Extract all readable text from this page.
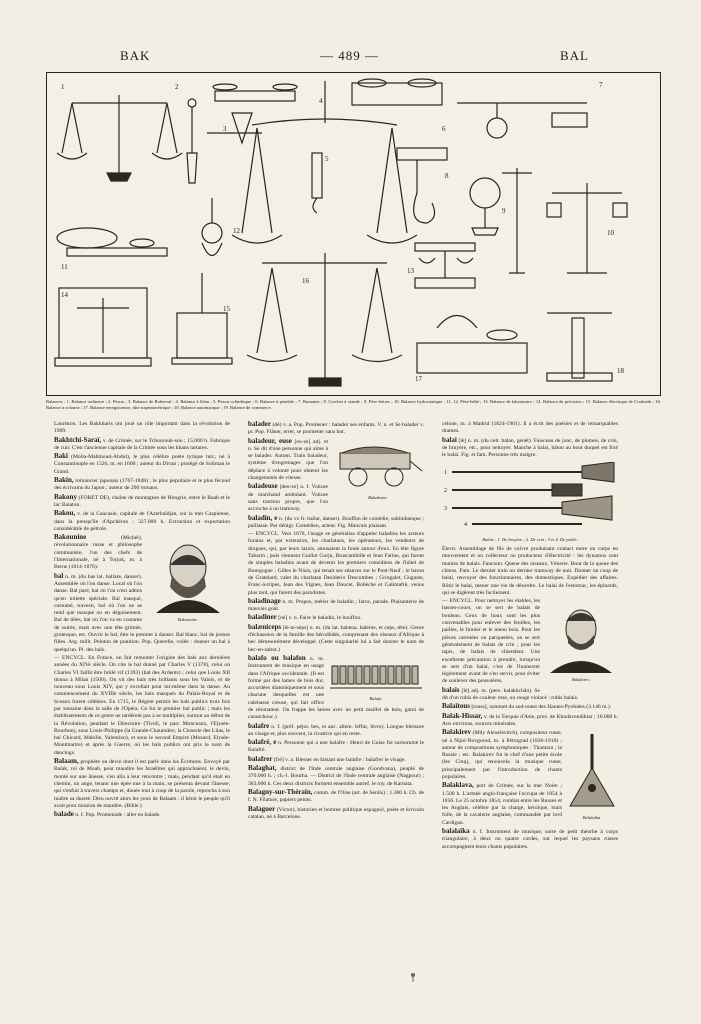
BAK	— 489 —	BAL
1	2
3
4
5
6
7
8
9
10
11
12
13
14
15
16
17
18
Balances : 1. Balance ordinaire ; 2. Peson ; 3. Balance de Roberval ; 4. Balance à fléau ; 5. Peson cylindrique ; 6. Balance à pendule ; 7. Romaine ; 8. Crochet à viande ; 9. Pèse-lettres ; 10. Balance hydrostatique ; 11, 12. Pèse-bébé ; 13. Balance de laboratoire ; 14. Balance de précision ; 15. Balance électrique de Coulomb ; 16. Balance à colonne ; 17. Balance enregistreuse, dite trapézométrique ; 18. Balance automatique ; 19. Balance de commerce.
Lauriston. Les Bakhtiaris ont joué un rôle important dans la révolution de 1909.
Bakhtchi-Saraï, v. de Crimée, sur le Tchourouk-sou ; 15.000 h. Fabrique de cuir. C'est l'ancienne capitale de la Crimée sous les khans tartares.
Baki (Molla-Mahmoud-Abdul), le plus célèbre poète lyrique turc, né à Constantinople en 1526, m. en 1600 ; auteur du Divan ; protégé de Soliman le Grand.
Bakin, romancier japonais (1767-1848) ; le plus populaire et le plus fécond des écrivains du Japon ; auteur de 290 romans.
Bakony (FORET DE), chaîne de montagnes de Hongrie, entre le Raab et le lac Balaton.
Bakou, v. de la Caucasie, capitale de l'Azerbaïdjan, sur la mer Caspienne, dans la presqu'île d'Apchéron ; 327.000 h. Extraction et exportation considérable de pétrole.
Bakounine.
Bakounine	(Michel), révolutionnaire russe et philosophe communiste, l'un des chefs de l'Internationale, né à Torjok, m. à Berne (1814-1876).
bal n. m. (du bas lat. ballare, danser). Assemblée où l'on danse. Local où l'on danse. Bal paré, bal où l'on n'est admis qu'en toilette spéciale. Bal masqué, costumé, travesti, bal où l'on ne se rend que masqué ou en déguisement. Bal de têtes, bal où l'on va en costume de soirée, mais avec une tête grimée, grotesque, etc. Ouvrir le bal, être le premier à danser. Bal blanc, bal de jeunes filles. Arg. milit. Peloton de punition. Pop. Querelle, volée : donner un bal à quelqu'un. Pl. des bals.
— ENCYCL. En France, on fait remonter l'origine des bals aux dernières années du XIVe siècle. On cite le bal donné par Charles V (1378), celui où Charles VI faillit être brûlé vif (1393) (bal des Ardents) ; celui que Louis XII donna à Milan (1500). On vit des bals très brillants sous les Valois, et de nouveau sous Louis XIV, qui y excellait pour lui-même dans la danse. Au commencement du XVIIIe siècle, les bals masqués du Palais-Royal et de Sceaux furent célèbres. En 1715, le Régent permit les bals publics trois fois par semaine dans la salle de l'Opéra. Ce fut le premier bal public ; mais les établissements de ce genre ne tardèrent pas à se multiplier, surtout au début de la Révolution, pendant le Directoire (Tivoli, le parc Monceaux, l'Elysée-Bourbon), sous Louis-Philippe (la Grande-Chaumière, la Closerie des Lilas, le bal Chicard, Mabille, Valentino), et sous le second Empire (Musard, Elysée-Montmartre) et après la Guerre, où les bals publics ont pris le nom de dancings.
Balaam, prophète ou devin dont il est parlé dans les Écritures. Envoyé par Balak, roi de Moab, pour maudire les Israélites qui approchaient, le devin, monté sur une ânesse, s'en alla à leur rencontre ; mais, pendant qu'il était en chemin, un ange, tenant une épée nue à la main, se présenta devant l'ânesse, qui s'enfuit à travers champs et, douée tout à coup de la parole, reprocha à son maître sa dureté. Dieu ouvrit alors les yeux de Balaam : il bénit le peuple qu'il avait pour mission de maudire. (Bible.)
balade n. f. Pop. Promenade : aller en balade.
balader (dé) v. a. Pop. Promener : balader ses enfants. V. n. et Se balader v. pr. Pop. Flâner, errer, se promener sans but.
Baladeuse.
baladeur, euse [eu-ze] adj. et n. Se dit d'une personne qui aime à se balader. Autom. Train baladeur, système d'engrenages que l'on déplace à volonté pour obtenir les changements de vitesse.
baladeuse [deu-ze] n. f. Voiture de marchand ambulant. Voiture sans traction propre, que l'on accroche à un tramway.
baladin, e n. (du vx fr. ballar, danser). Bouffon de comédie, saltimbanque ; paillasse. Par dénigr. Comédien, acteur. Fig. Mauvais plaisant.
— ENCYCL. Vers 1678, l'usage se généralisa d'appeler baladins les acteurs forains et, par extension, les charlatans, les opérateurs, les vendeurs de drogues, qui, par leurs lazzis, amusaient la foule autour d'eux. En tête figure Tabarin ; puis viennent Guillot Gorju, Bruscambille et Jean Farine, qui furent de simples baladins avant de devenir les premiers comédiens de l'hôtel de Bourgogne ; Gilles le Niais, qui tenait ses séances sur le Pont-Neuf ; le baron de Gratelard, valet du charlatan Desiderio Descombes ; Gringalet, Guguste, Franc-à-tripes, Jean des Vignes, Jean Doucet, Bobèche et Galimafré, venus plus tard, qui furent des parodistes.
baladinage n. m. Propos, métier de baladin ; farce, parade. Plaisanterie de mauvais goût.
baladiner [né] v. n. Faire le baladin, le bouffon.
balæniceps [lé-ni-sèps] n. m. (du lat. balæna, baleine, et ceps, tête). Genre d'échassiers de la famille des hérodiidés, comprenant des oiseaux d'Afrique à bec démesurément développé. (Cette singularité lui a fait donner le nom de bec-en-sabot.)
Balafo.
balafo ou balafon n. m. Instrument de musique en usage dans l'Afrique occidentale. (Il est formé par des lames de bois dur, accordées diatoniquement et sous chacune desquelles est une calebasse creuse, qui fait office de résonateur. On frappe les lames avec un petit maillet de bois, garni de caoutchouc.)
balafre n. f. (préf. péjor. bes, et anc. allem. leffur, lèvre). Longue blessure au visage et, plus souvent, la cicatrice qui en reste.
balafré, e n. Personne qui a une balafre : Henri de Guise fut surnommé le Balafré.
balafrer [fré] v. a. Blesser en faisant une balafre : balafrer le visage.
Balaghat, district de l'Inde centrale anglaise (Gondvana), peuplé de 370.000 h. ; ch.-l. Bourha. — District de l'Inde centrale anglaise (Nagpour) ; 383.000 h. Ces deux districts forment ensemble autref. le roy. de Karnata.
Balagny-sur-Thérain, comm. de l'Oise (arr. de Senlis) ; 1.300 h. Ch. de f. N. Filature, papiers peints.
Balaguer (Victor), historien et homme politique espagnol, poète et écrivain catalan, né à Barcelone.
celone, m. à Madrid (1824-1901). Il a écrit des poésies et de remarquables drames.
balai [lè] n. m. (du celt. balan, genêt). Faisceau de jonc, de plumes, de crin, de bruyère, etc., pour nettoyer. Manche à balai, bâton au bout duquel est fixé le balai. Fig. et fam. Personne très maigre.
1
2
3
4
Balais : 1. De bruyère ; 2. De crin ; 3 et 4. De paille.
Électr. Assemblage de fils de cuivre produisant contact entre un corps en mouvement et un collecteur ou producteur d'électricité : les dynamos sont munies de balais. Fauconn. Queue des oiseaux. Vénerie. Bout de la queue des chiens. Fam. Le dernier train ou dernier tramway de nuit. Donner un coup de balai, renvoyer des fonctionnaires, des domestiques. Expédier des affaires. Rôtir le balai, mener une vie de désordre. Le balai de l'estomac, les épinards, qui se digèrent très facilement.
Balakirev.
— ENCYCL. Pour nettoyer les étables, les basses-cours, on se sert de balais de bouleau. Ceux de houx sont les plus convenables pour enlever des feuilles, les pailles, le fumier et le menu bois. Pour les pièces carrelées ou parquetées, on se sert généralement de balais de crin ; pour les tapis, de balais de chiendent. Une excellente précaution à prendre, lorsqu'on se sert d'un balai, c'est de l'humecter légèrement avant de s'en servir, pour éviter de soulever des poussières.
balais [lè] adj. m. (pers. balakhchân). Se dit d'un rubis de couleur rose, ou rouge violacé : rubis balais.
Balaïtous [touss], sommet du sud-ouest des Hautes-Pyrénées (3.146 m.).
Balak-Hissar, v. de la Turquie d'Asie, prov. de Khodavendikiar ; 10.000 h. Aux environs, sources minérales.
Balalaïka.
Balakirev (Mily Alexeïevitch), compositeur russe, né à Nijni-Novgorod, m. à Pétrograd (1836-1910) ; auteur de compositions symphoniques : Thamara ; la Russie ; etc. Balakirev fut le chef d'une petite école (les Cinq), qui renouvela la musique russe, principalement par l'introduction de chants populaires.
Balaklava, port de Crimée, sur la mer Noire ; 1.500 h. L'armée anglo-française l'occupa de 1854 à 1856. Le 25 octobre 1854, combat entre les Russes et les Anglais, célèbre par la charge, héroïque, mais folle, de la cavalerie anglaise, commandée par lord Cardigan.
balalaïka n. f. Instrument de musique, sorte de petit théorbe à corps triangulaire, à deux ou quatre cordes, sur lequel les paysans russes accompagnent leurs chants populaires.
